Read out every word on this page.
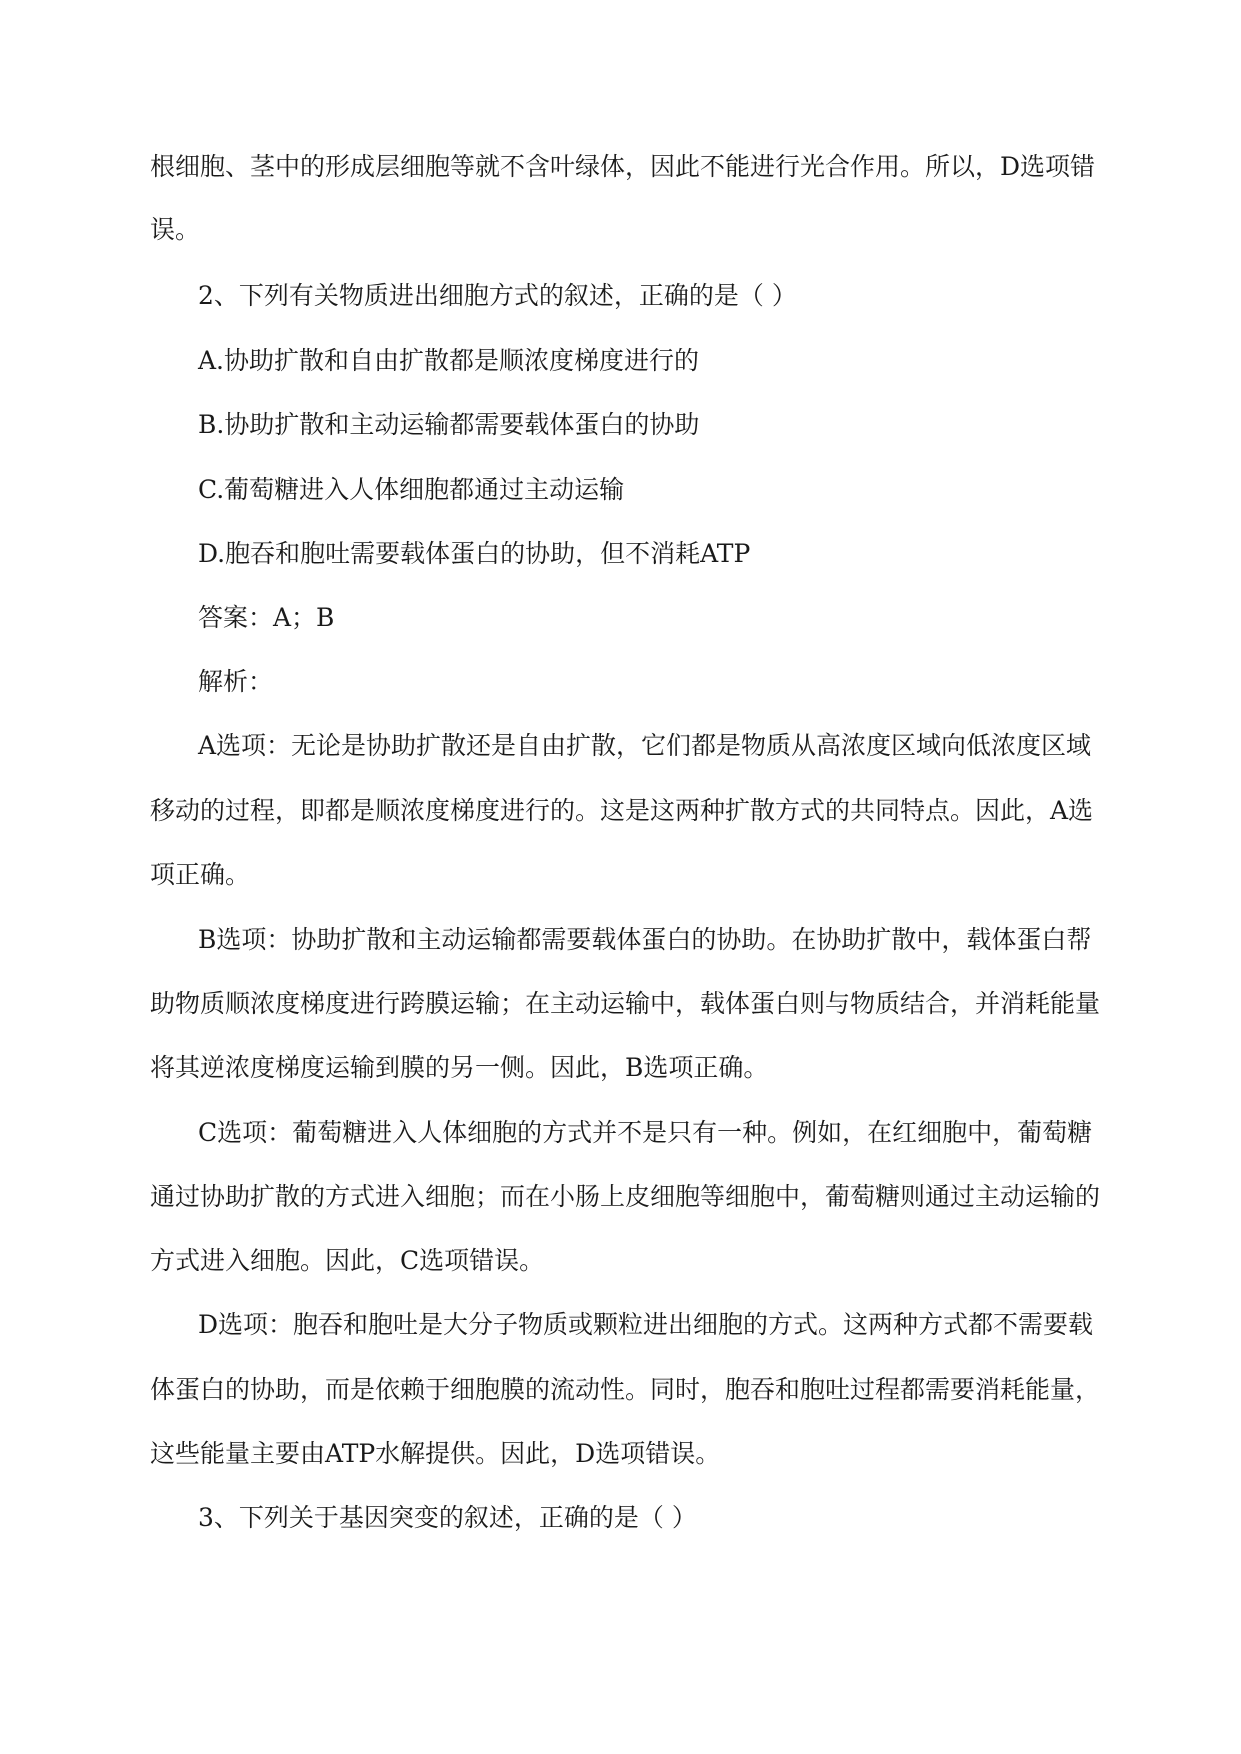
根细胞、茎中的形成层细胞等就不含叶绿体，因此不能进行光合作用。所以，D选项错
误。
2、下列有关物质进出细胞方式的叙述，正确的是（ ）
A.协助扩散和自由扩散都是顺浓度梯度进行的
B.协助扩散和主动运输都需要载体蛋白的协助
C.葡萄糖进入人体细胞都通过主动运输
D.胞吞和胞吐需要载体蛋白的协助，但不消耗ATP
答案：A；B
解析：
A选项：无论是协助扩散还是自由扩散，它们都是物质从高浓度区域向低浓度区域
移动的过程，即都是顺浓度梯度进行的。这是这两种扩散方式的共同特点。因此，A选
项正确。
B选项：协助扩散和主动运输都需要载体蛋白的协助。在协助扩散中，载体蛋白帮
助物质顺浓度梯度进行跨膜运输；在主动运输中，载体蛋白则与物质结合，并消耗能量
将其逆浓度梯度运输到膜的另一侧。因此，B选项正确。
C选项：葡萄糖进入人体细胞的方式并不是只有一种。例如，在红细胞中，葡萄糖
通过协助扩散的方式进入细胞；而在小肠上皮细胞等细胞中，葡萄糖则通过主动运输的
方式进入细胞。因此，C选项错误。
D选项：胞吞和胞吐是大分子物质或颗粒进出细胞的方式。这两种方式都不需要载
体蛋白的协助，而是依赖于细胞膜的流动性。同时，胞吞和胞吐过程都需要消耗能量，
这些能量主要由ATP水解提供。因此，D选项错误。
3、下列关于基因突变的叙述，正确的是（ ）
